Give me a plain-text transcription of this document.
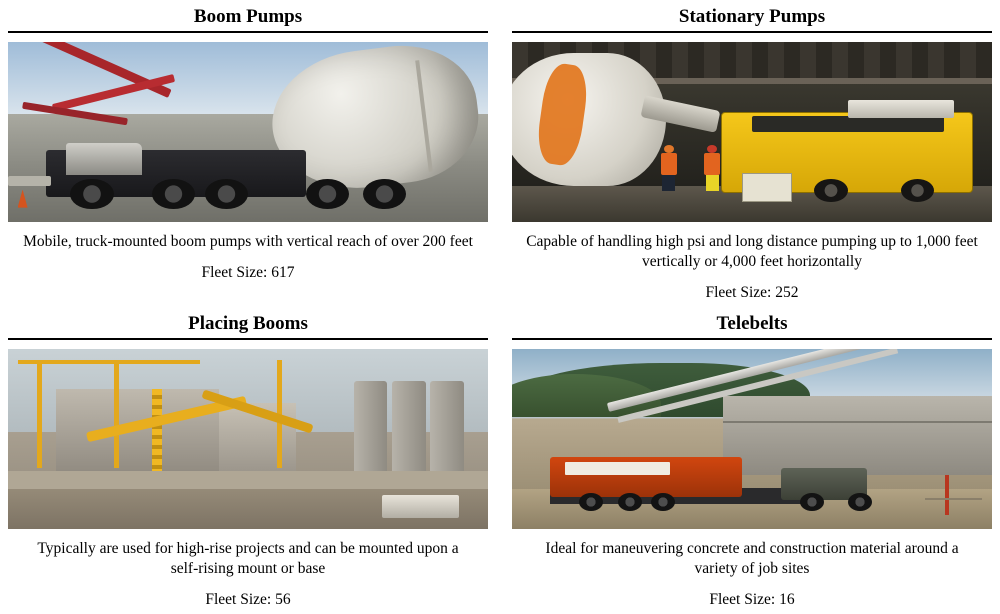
Boom Pumps
Mobile, truck-mounted boom pumps with vertical reach of over 200 feet
Fleet Size: 617
Stationary Pumps
Capable of handling high psi and long distance pumping up to 1,000 feet vertically or 4,000 feet horizontally
Fleet Size: 252
Placing Booms
Typically are used for high-rise projects and can be mounted upon a self-rising mount or base
Fleet Size: 56
Telebelts
Ideal for maneuvering concrete and construction material around a variety of job sites
Fleet Size: 16
